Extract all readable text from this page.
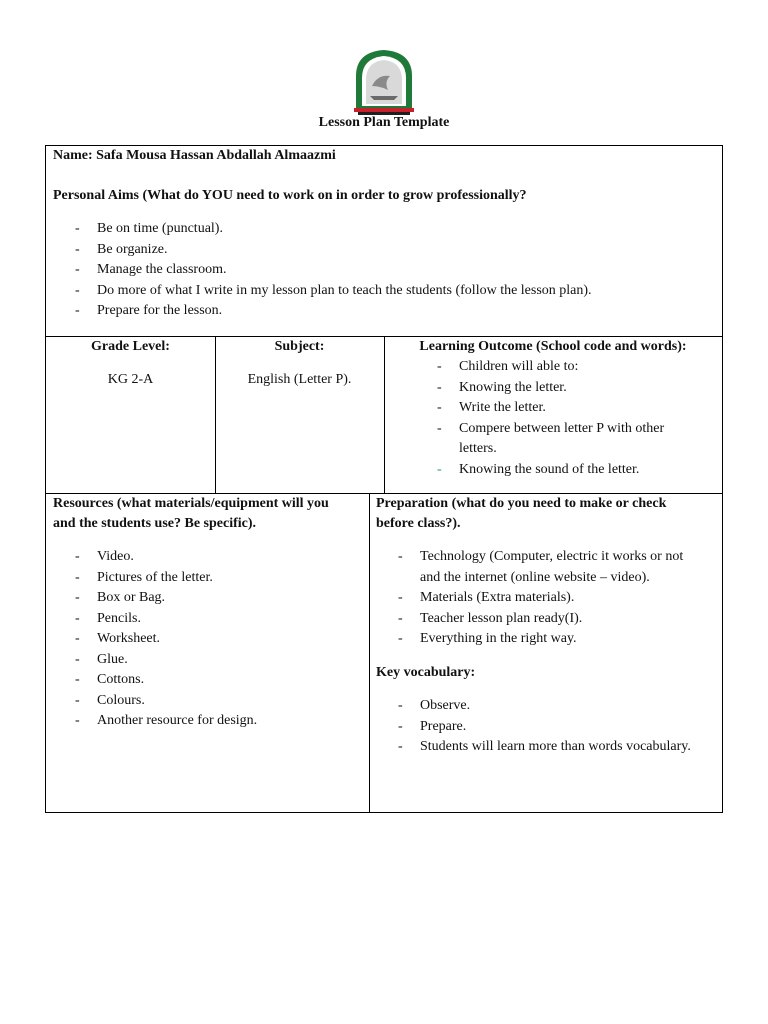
Lesson Plan Template
Name: Safa Mousa Hassan Abdallah Almaazmi
Personal Aims (What do YOU need to work on in order to grow professionally?
- Be on time (punctual).
- Be organize.
- Manage the classroom.
- Do more of what I write in my lesson plan to teach the students (follow the lesson plan).
- Prepare for the lesson.
Grade Level:
KG 2-A
Subject:
English (Letter P).
Learning Outcome (School code and words):
- Children will able to:
- Knowing the letter.
- Write the letter.
- Compere between letter P with other
letters.
- Knowing the sound of the letter.
Resources (what materials/equipment will you
and the students use? Be specific).
- Video.
- Pictures of the letter.
- Box or Bag.
- Pencils.
- Worksheet.
- Glue.
- Cottons.
- Colours.
- Another resource for design.
Preparation (what do you need to make or check
before class?).
- Technology (Computer, electric it works or not
and the internet (online website – video).
- Materials (Extra materials).
- Teacher lesson plan ready(I).
- Everything in the right way.
Key vocabulary:
- Observe.
- Prepare.
- Students will learn more than words vocabulary.
